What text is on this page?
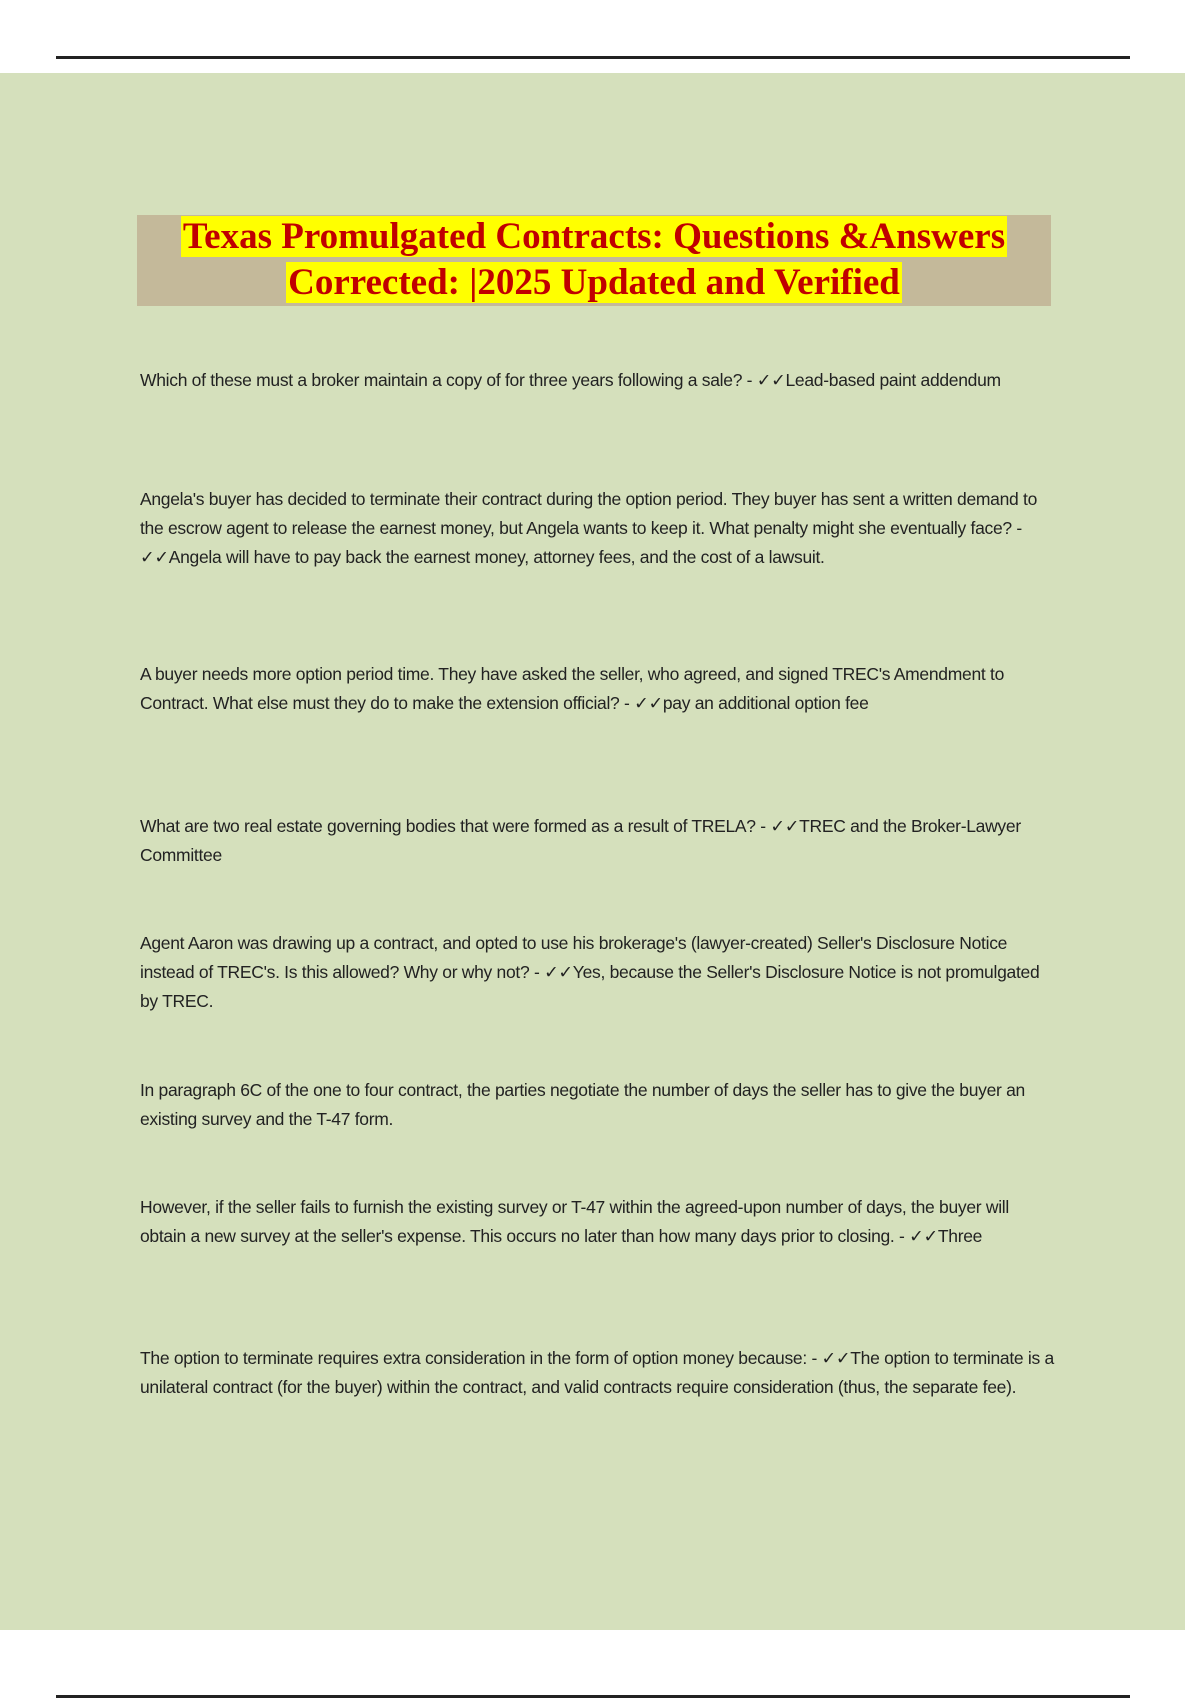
Texas Promulgated Contracts: Questions &Answers
Corrected: |2025 Updated and Verified
Which of these must a broker maintain a copy of for three years following a sale? - ✓✓Lead-based paint addendum
Angela's buyer has decided to terminate their contract during the option period. They buyer has sent a written demand to the escrow agent to release the earnest money, but Angela wants to keep it. What penalty might she eventually face? - ✓✓Angela will have to pay back the earnest money, attorney fees, and the cost of a lawsuit.
A buyer needs more option period time. They have asked the seller, who agreed, and signed TREC's Amendment to Contract. What else must they do to make the extension official? - ✓✓pay an additional option fee
What are two real estate governing bodies that were formed as a result of TRELA? - ✓✓TREC and the Broker-Lawyer Committee
Agent Aaron was drawing up a contract, and opted to use his brokerage's (lawyer-created) Seller's Disclosure Notice instead of TREC's. Is this allowed? Why or why not? - ✓✓Yes, because the Seller's Disclosure Notice is not promulgated by TREC.
In paragraph 6C of the one to four contract, the parties negotiate the number of days the seller has to give the buyer an existing survey and the T-47 form.
However, if the seller fails to furnish the existing survey or T-47 within the agreed-upon number of days, the buyer will obtain a new survey at the seller's expense. This occurs no later than how many days prior to closing. - ✓✓Three
The option to terminate requires extra consideration in the form of option money because: - ✓✓The option to terminate is a unilateral contract (for the buyer) within the contract, and valid contracts require consideration (thus, the separate fee).
